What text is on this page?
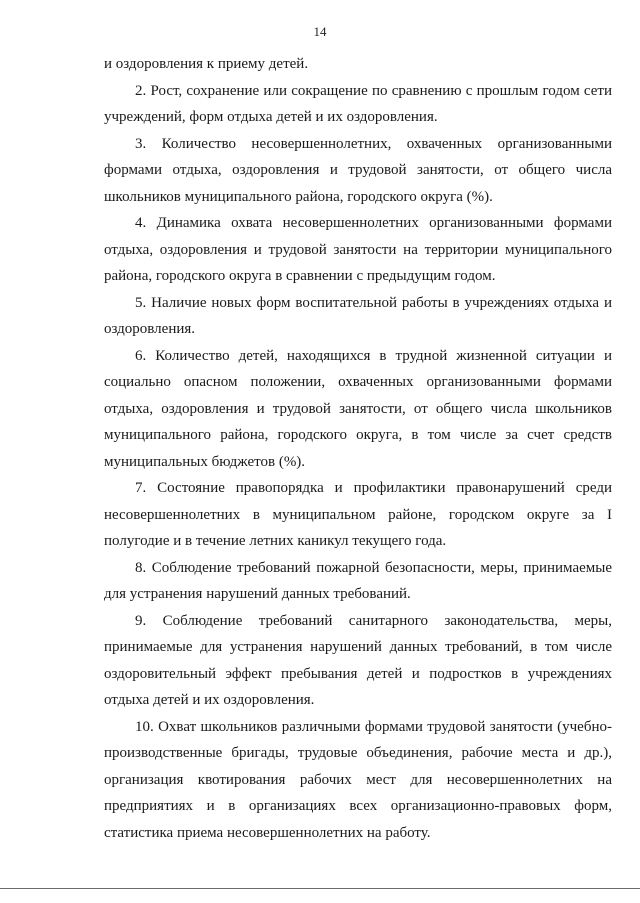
14

и оздоровления к приему детей.

2. Рост, сохранение или сокращение по сравнению с прошлым годом сети учреждений, форм отдыха детей и их оздоровления.

3. Количество несовершеннолетних, охваченных организованными формами отдыха, оздоровления и трудовой занятости, от общего числа школьников муниципального района, городского округа (%).

4. Динамика охвата несовершеннолетних организованными формами отдыха, оздоровления и трудовой занятости на территории муниципального района, городского округа в сравнении с предыдущим годом.

5. Наличие новых форм воспитательной работы в учреждениях отдыха и оздоровления.

6. Количество детей, находящихся в трудной жизненной ситуации и социально опасном положении, охваченных организованными формами отдыха, оздоровления и трудовой занятости, от общего числа школьников муниципального района, городского округа, в том числе за счет средств муниципальных бюджетов (%).

7. Состояние правопорядка и профилактики правонарушений среди несовершеннолетних в муниципальном районе, городском округе за I полугодие и в течение летних каникул текущего года.

8. Соблюдение требований пожарной безопасности, меры, принимаемые для устранения нарушений данных требований.

9. Соблюдение требований санитарного законодательства, меры, принимаемые для устранения нарушений данных требований, в том числе оздоровительный эффект пребывания детей и подростков в учреждениях отдыха детей и их оздоровления.

10. Охват школьников различными формами трудовой занятости (учебно-производственные бригады, трудовые объединения, рабочие места и др.), организация квотирования рабочих мест для несовершеннолетних на предприятиях и в организациях всех организационно-правовых форм, статистика приема несовершеннолетних на работу.
